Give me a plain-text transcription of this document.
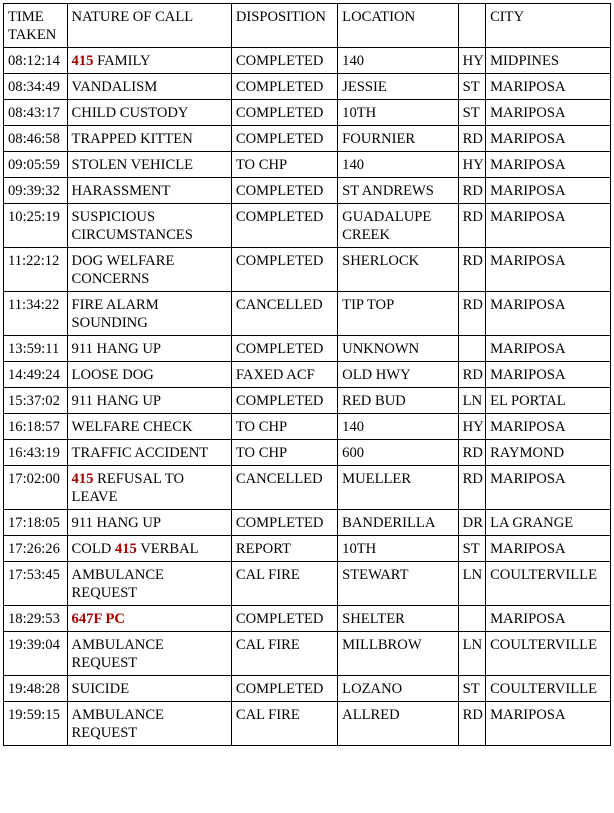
TIME TAKEN	NATURE OF CALL	DISPOSITION	LOCATION		CITY
08:12:14	415 FAMILY	COMPLETED	140	HY	MIDPINES
08:34:49	VANDALISM	COMPLETED	JESSIE	ST	MARIPOSA
08:43:17	CHILD CUSTODY	COMPLETED	10TH	ST	MARIPOSA
08:46:58	TRAPPED KITTEN	COMPLETED	FOURNIER	RD	MARIPOSA
09:05:59	STOLEN VEHICLE	TO CHP	140	HY	MARIPOSA
09:39:32	HARASSMENT	COMPLETED	ST ANDREWS	RD	MARIPOSA
10:25:19	SUSPICIOUS CIRCUMSTANCES	COMPLETED	GUADALUPE CREEK	RD	MARIPOSA
11:22:12	DOG WELFARE CONCERNS	COMPLETED	SHERLOCK	RD	MARIPOSA
11:34:22	FIRE ALARM SOUNDING	CANCELLED	TIP TOP	RD	MARIPOSA
13:59:11	911 HANG UP	COMPLETED	UNKNOWN		MARIPOSA
14:49:24	LOOSE DOG	FAXED ACF	OLD HWY	RD	MARIPOSA
15:37:02	911 HANG UP	COMPLETED	RED BUD	LN	EL PORTAL
16:18:57	WELFARE CHECK	TO CHP	140	HY	MARIPOSA
16:43:19	TRAFFIC ACCIDENT	TO CHP	600	RD	RAYMOND
17:02:00	415 REFUSAL TO LEAVE	CANCELLED	MUELLER	RD	MARIPOSA
17:18:05	911 HANG UP	COMPLETED	BANDERILLA	DR	LA GRANGE
17:26:26	COLD 415 VERBAL	REPORT	10TH	ST	MARIPOSA
17:53:45	AMBULANCE REQUEST	CAL FIRE	STEWART	LN	COULTERVILLE
18:29:53	647F PC	COMPLETED	SHELTER		MARIPOSA
19:39:04	AMBULANCE REQUEST	CAL FIRE	MILLBROW	LN	COULTERVILLE
19:48:28	SUICIDE	COMPLETED	LOZANO	ST	COULTERVILLE
19:59:15	AMBULANCE REQUEST	CAL FIRE	ALLRED	RD	MARIPOSA
